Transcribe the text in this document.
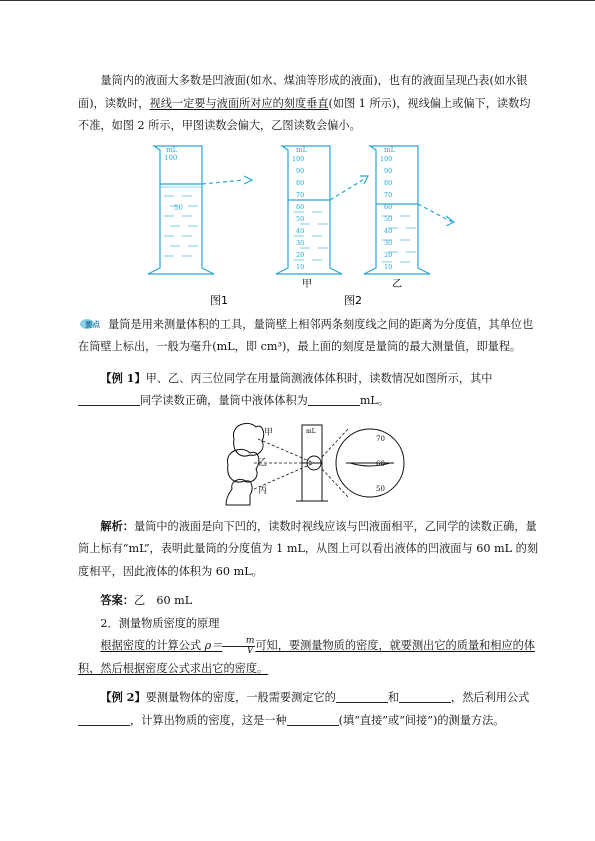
量筒内的液面大多数是凹液面(如水、煤油等形成的液面)，也有的液面呈现凸表(如水银面)，读数时，视线一定要与液面所对应的刻度垂直(如图 1 所示)，视线偏上或偏下，读数均不准，如图 2 所示，甲图读数会偏大，乙图读数会偏小。

mL
100
50
mL
100
90
80
70
60
50
40
30
20
10
mL
100
90
80
70
60
50
40
30
20
10
甲	乙
图1	图2

要点 量筒是用来测量体积的工具，量筒壁上相邻两条刻度线之间的距离为分度值，其单位也在筒壁上标出，一般为毫升(mL，即 cm³)，最上面的刻度是量筒的最大测量值，即量程。

【例 1】甲、乙、丙三位同学在用量筒测液体体积时，读数情况如图所示，其中同学读数正确，量筒中液体体积为	mL。

甲
乙
丙
mL
70
60
50

解析：量筒中的液面是向下凹的，读数时视线应该与凹液面相平，乙同学的读数正确，量筒上标有“mL”，表明此量筒的分度值为 1 mL，从图上可以看出液体的凹液面与 60 mL 的刻度相平，因此液体的体积为 60 mL。

答案：乙　60 mL

2．测量物质密度的原理

根据密度的计算公式 $\rho= \frac{m}{V}$ 可知，要测量物质的密度，就要测出它的质量和相应的体积，然后根据密度公式求出它的密度。

【例 2】要测量物体的密度，一般需要测定它的	和	，然后利用公式，计算出物质的密度，这是一种	(填“直接”或“间接”)的测量方法。
